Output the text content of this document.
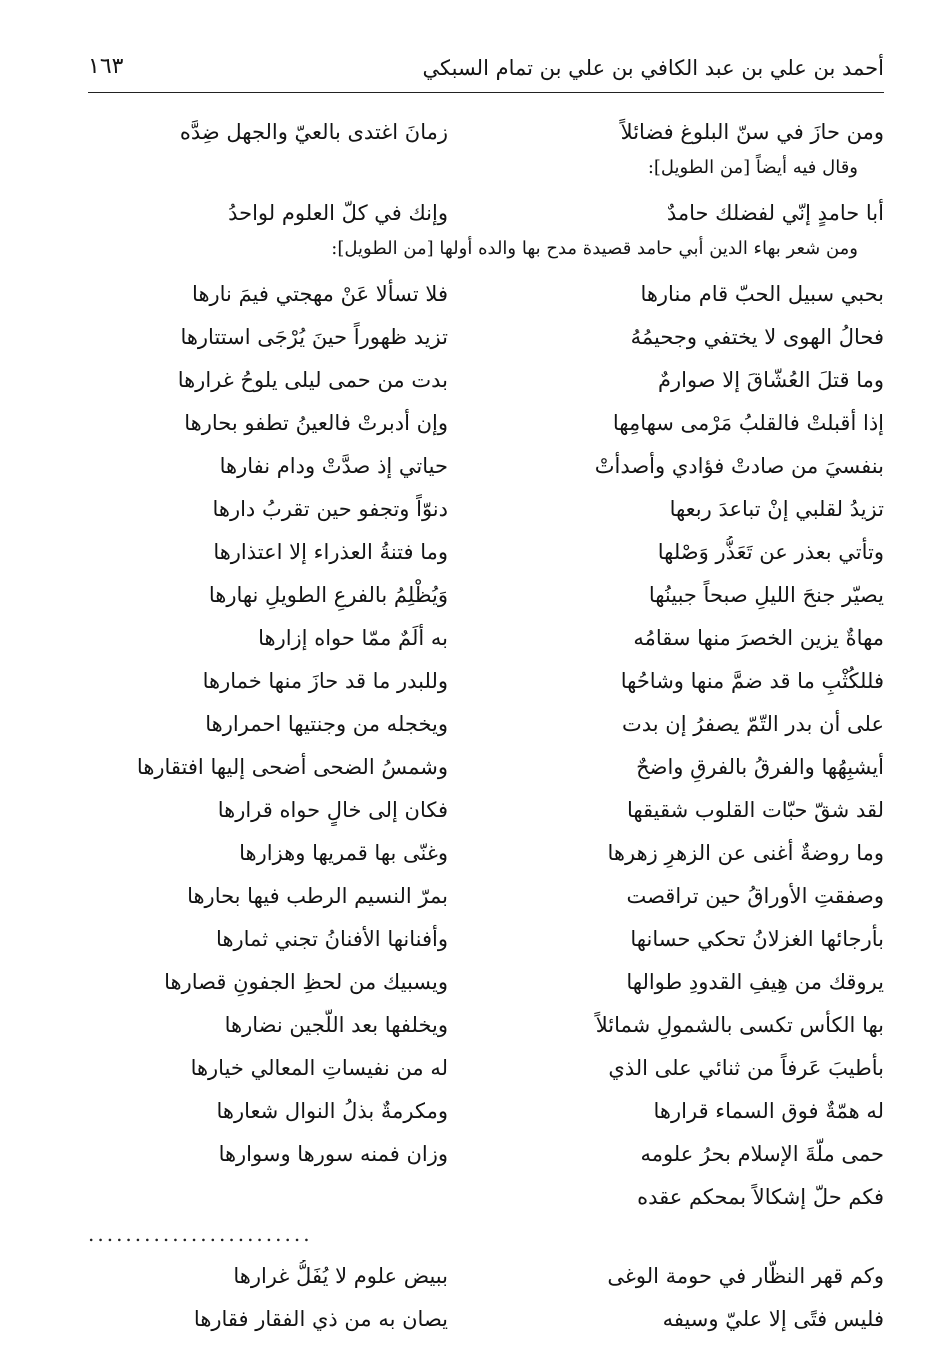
أحمد بن علي بن عبد الكافي بن علي بن تمام السبكي
١٦٣
ومن حازَ في سنّ البلوغ فضائلاً
زمانَ اغتدى بالعيّ والجهل ضِدَّه
وقال فيه أيضاً [من الطويل]:
أبا حامدٍ إنّي لفضلك حامدٌ
وإنك في كلّ العلوم لواحدُ
ومن شعر بهاء الدين أبي حامد قصيدة مدح بها والده أولها [من الطويل]:
بحبي سبيل الحبّ قام منارها
فلا تسألا عَنْ مهجتي فيمَ نارها
فحالُ الهوى لا يختفي وجحيمُهُ
تزيد ظهوراً حينَ يُرْجَى استتارها
وما قتلَ العُشّاقَ إلا صوارمٌ
بدت من حمى ليلى يلوحُ غرارها
إذا أقبلتْ فالقلبُ مَرْمى سهامِها
وإن أدبرتْ فالعينُ تطفو بحارها
بنفسيَ من صادتْ فؤادي وأصدأتْ
حياتي إذ صدَّتْ ودام نفارها
تزيدُ لقلبي إنْ تباعدَ ربعها
دنوّاً وتجفو حين تقربُ دارها
وتأتي بعذر عن تَعَذُّر وَصْلها
وما فتنةُ العذراء إلا اعتذارها
يصيّر جنحَ الليلِ صبحاً جبينُها
وَيُظْلِمُ بالفرعِ الطويلِ نهارها
مهاةٌ يزين الخصرَ منها سقامُه
به ألَمٌ ممّا حواه إزارها
فللكُثْبِ ما قد ضمَّ منها وشاحُها
وللبدر ما قد حازَ منها خمارها
على أن بدر التّمّ يصفرُ إن بدت
ويخجله من وجنتيها احمرارها
أيشبِهُها والفرقُ بالفرقِ واضحٌ
وشمسُ الضحى أضحى إليها افتقارها
لقد شقّ حبّات القلوب شقيقها
فكان إلى خالٍ حواه قرارها
وما روضةٌ أغنى عن الزهرِ زهرها
وغنّى بها قمريها وهزارها
وصفقتِ الأوراقُ حين تراقصت
بمرّ النسيم الرطب فيها بحارها
بأرجائها الغزلانُ تحكي حسانها
وأفنانها الأفنانُ تجني ثمارها
يروقك من هِيفِ القدودِ طوالها
ويسبيك من لحظِ الجفونِ قصارها
بها الكأس تكسى بالشمولِ شمائلاً
ويخلفها بعد اللُّجين نضارها
بأطيبَ عَرفاً من ثنائي على الذي
له من نفيساتِ المعالي خيارها
له همّةٌ فوق السماء قرارها
ومكرمةٌ بذلُ النوال شعارها
حمى ملّةَ الإسلام بحرُ علومه
وزان فمنه سورها وسوارها
فكم حلّ إشكالاً بمحكم عقده
........................
وكم قهر النظّار في حومة الوغى
ببيض علوم لا يُفَلُّ غرارها
فليس فتًى إلا عليّ وسيفه
يصان به من ذي الفقار فقارها
